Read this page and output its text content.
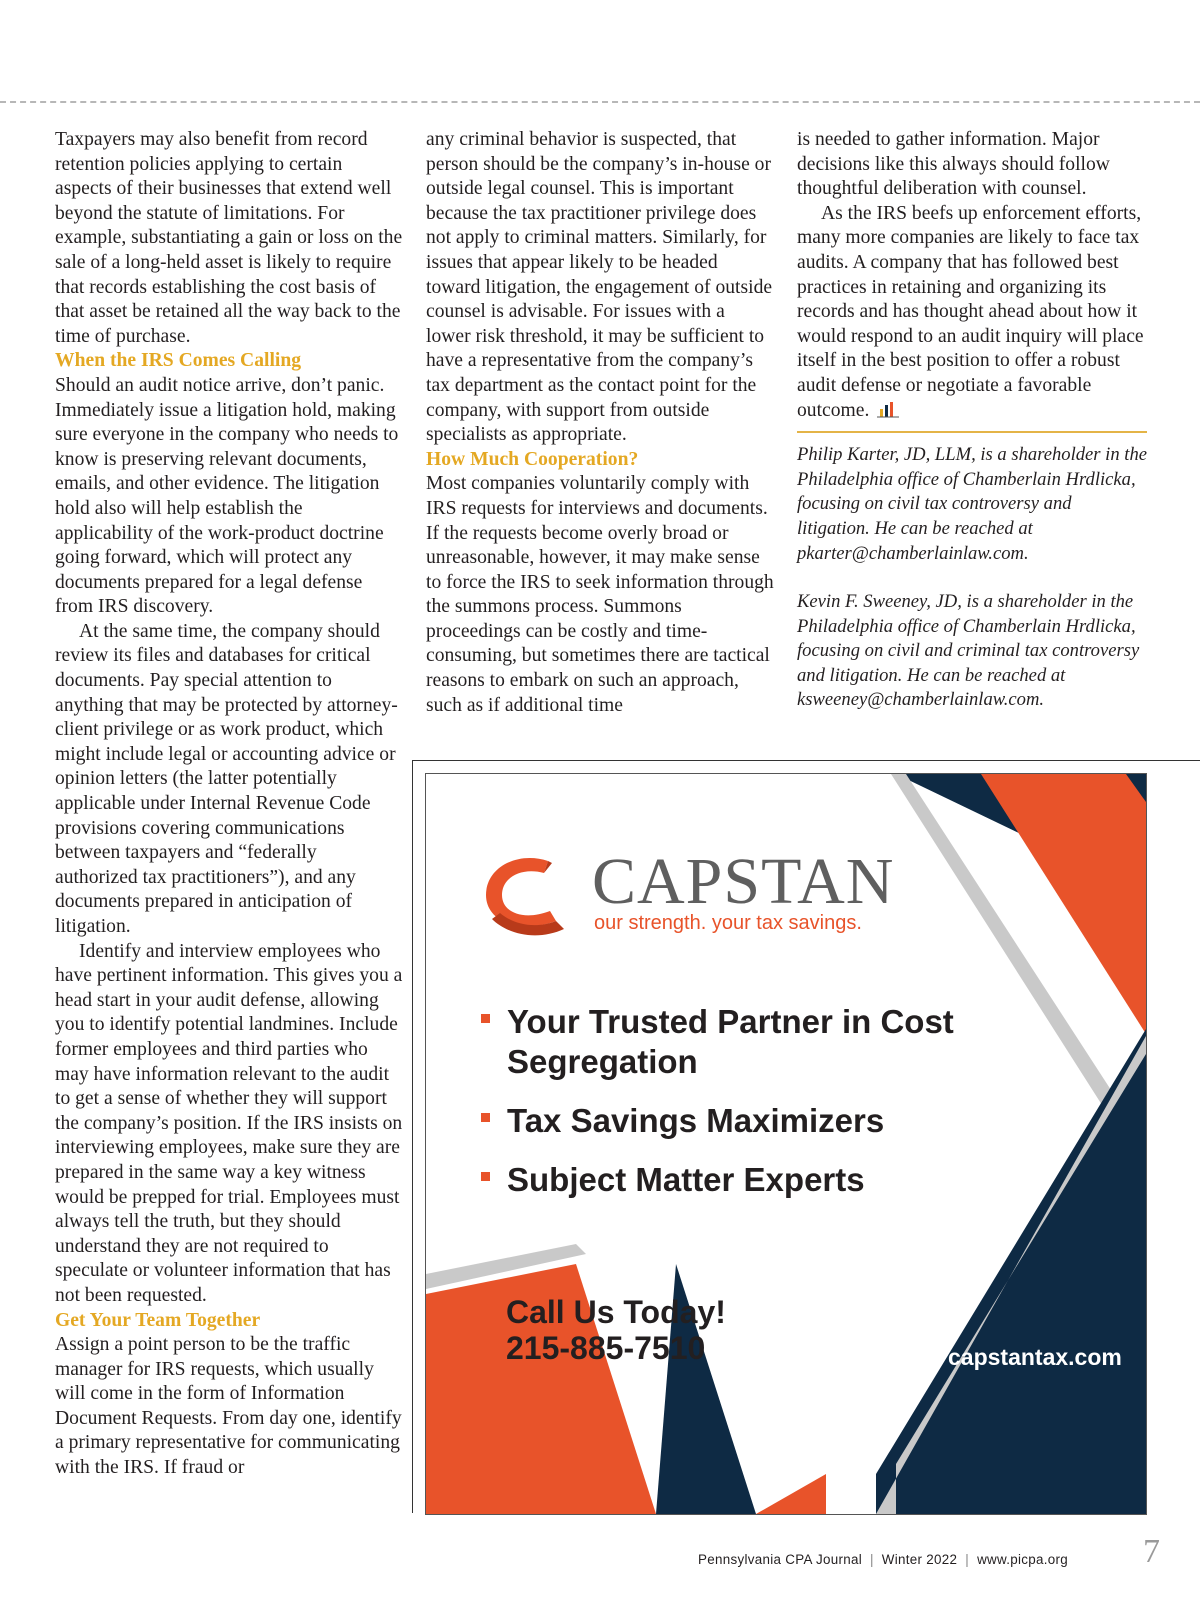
Taxpayers may also benefit from record retention policies applying to certain aspects of their businesses that extend well beyond the statute of limitations. For example, substantiating a gain or loss on the sale of a long-held asset is likely to require that records establishing the cost basis of that asset be retained all the way back to the time of purchase.

When the IRS Comes Calling

Should an audit notice arrive, don’t panic. Immediately issue a litigation hold, making sure everyone in the company who needs to know is preserving relevant documents, emails, and other evidence. The litigation hold also will help establish the applicability of the work-product doctrine going forward, which will protect any documents prepared for a legal defense from IRS discovery.

At the same time, the company should review its files and databases for critical documents. Pay special attention to anything that may be protected by attorney-client privilege or as work product, which might include legal or accounting advice or opinion letters (the latter potentially applicable under Internal Revenue Code provisions covering communications between taxpayers and “federally authorized tax practitioners”), and any documents prepared in anticipation of litigation.

Identify and interview employees who have pertinent information. This gives you a head start in your audit defense, allowing you to identify potential landmines. Include former employees and third parties who may have information relevant to the audit to get a sense of whether they will support the company’s position. If the IRS insists on interviewing employees, make sure they are prepared in the same way a key witness would be prepped for trial. Employees must always tell the truth, but they should understand they are not required to speculate or volunteer information that has not been requested.

Get Your Team Together

Assign a point person to be the traffic manager for IRS requests, which usually will come in the form of Information Document Requests. From day one, identify a primary representative for communicating with the IRS. If fraud or

any criminal behavior is suspected, that person should be the company’s in-house or outside legal counsel. This is important because the tax practitioner privilege does not apply to criminal matters. Similarly, for issues that appear likely to be headed toward litigation, the engagement of outside counsel is advisable. For issues with a lower risk threshold, it may be sufficient to have a representative from the company’s tax department as the contact point for the company, with support from outside specialists as appropriate.

How Much Cooperation?

Most companies voluntarily comply with IRS requests for interviews and documents. If the requests become overly broad or unreasonable, however, it may make sense to force the IRS to seek information through the summons process. Summons proceedings can be costly and time-consuming, but sometimes there are tactical reasons to embark on such an approach, such as if additional time

is needed to gather information. Major decisions like this always should follow thoughtful deliberation with counsel.

As the IRS beefs up enforcement efforts, many more companies are likely to face tax audits. A company that has followed best practices in retaining and organizing its records and has thought ahead about how it would respond to an audit inquiry will place itself in the best position to offer a robust audit defense or negotiate a favorable outcome.

Philip Karter, JD, LLM, is a shareholder in the Philadelphia office of Chamberlain Hrdlicka, focusing on civil tax controversy and litigation. He can be reached at pkarter@chamberlainlaw.com.

Kevin F. Sweeney, JD, is a shareholder in the Philadelphia office of Chamberlain Hrdlicka, focusing on civil and criminal tax controversy and litigation. He can be reached at ksweeney@chamberlainlaw.com.

CAPSTAN
our strength. your tax savings.
Your Trusted Partner in Cost Segregation
Tax Savings Maximizers
Subject Matter Experts
Call Us Today!
215-885-7510	capstantax.com
Pennsylvania CPA Journal | Winter 2022 | www.picpa.org 7
